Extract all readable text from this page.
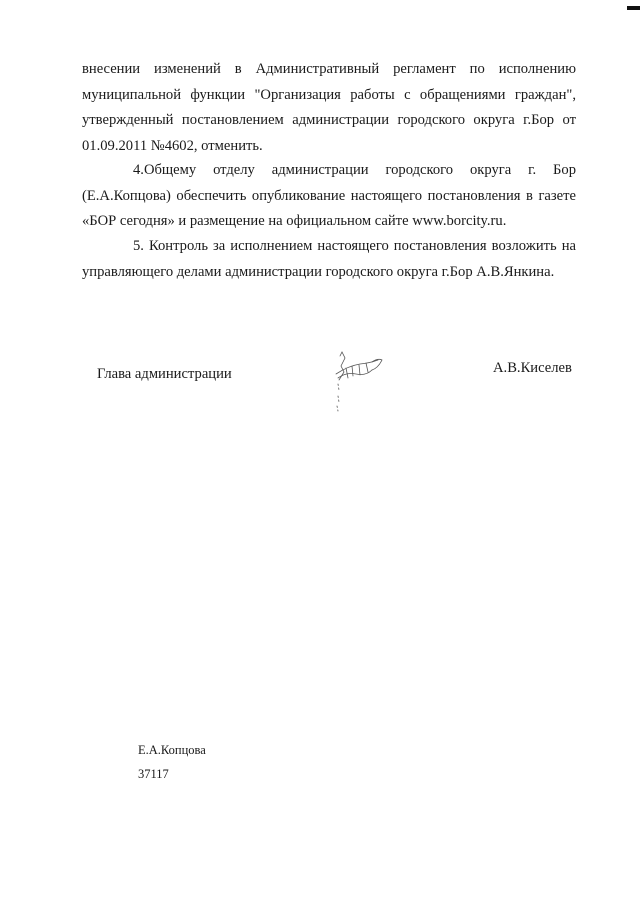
внесении изменений в Административный регламент по исполнению муниципальной функции "Организация работы с обращениями граждан", утвержденный постановлением администрации городского округа г.Бор от 01.09.2011 №4602, отменить.

4.Общему отделу администрации городского округа г. Бор (Е.А.Копцова) обеспечить опубликование настоящего постановления в газете «БОР сегодня» и размещение на официальном сайте www.borcity.ru.

5. Контроль за исполнением настоящего постановления возложить на управляющего делами администрации городского округа г.Бор А.В.Янкина.

Глава администрации	А.В.Киселев
Е.А.Копцова
37117
